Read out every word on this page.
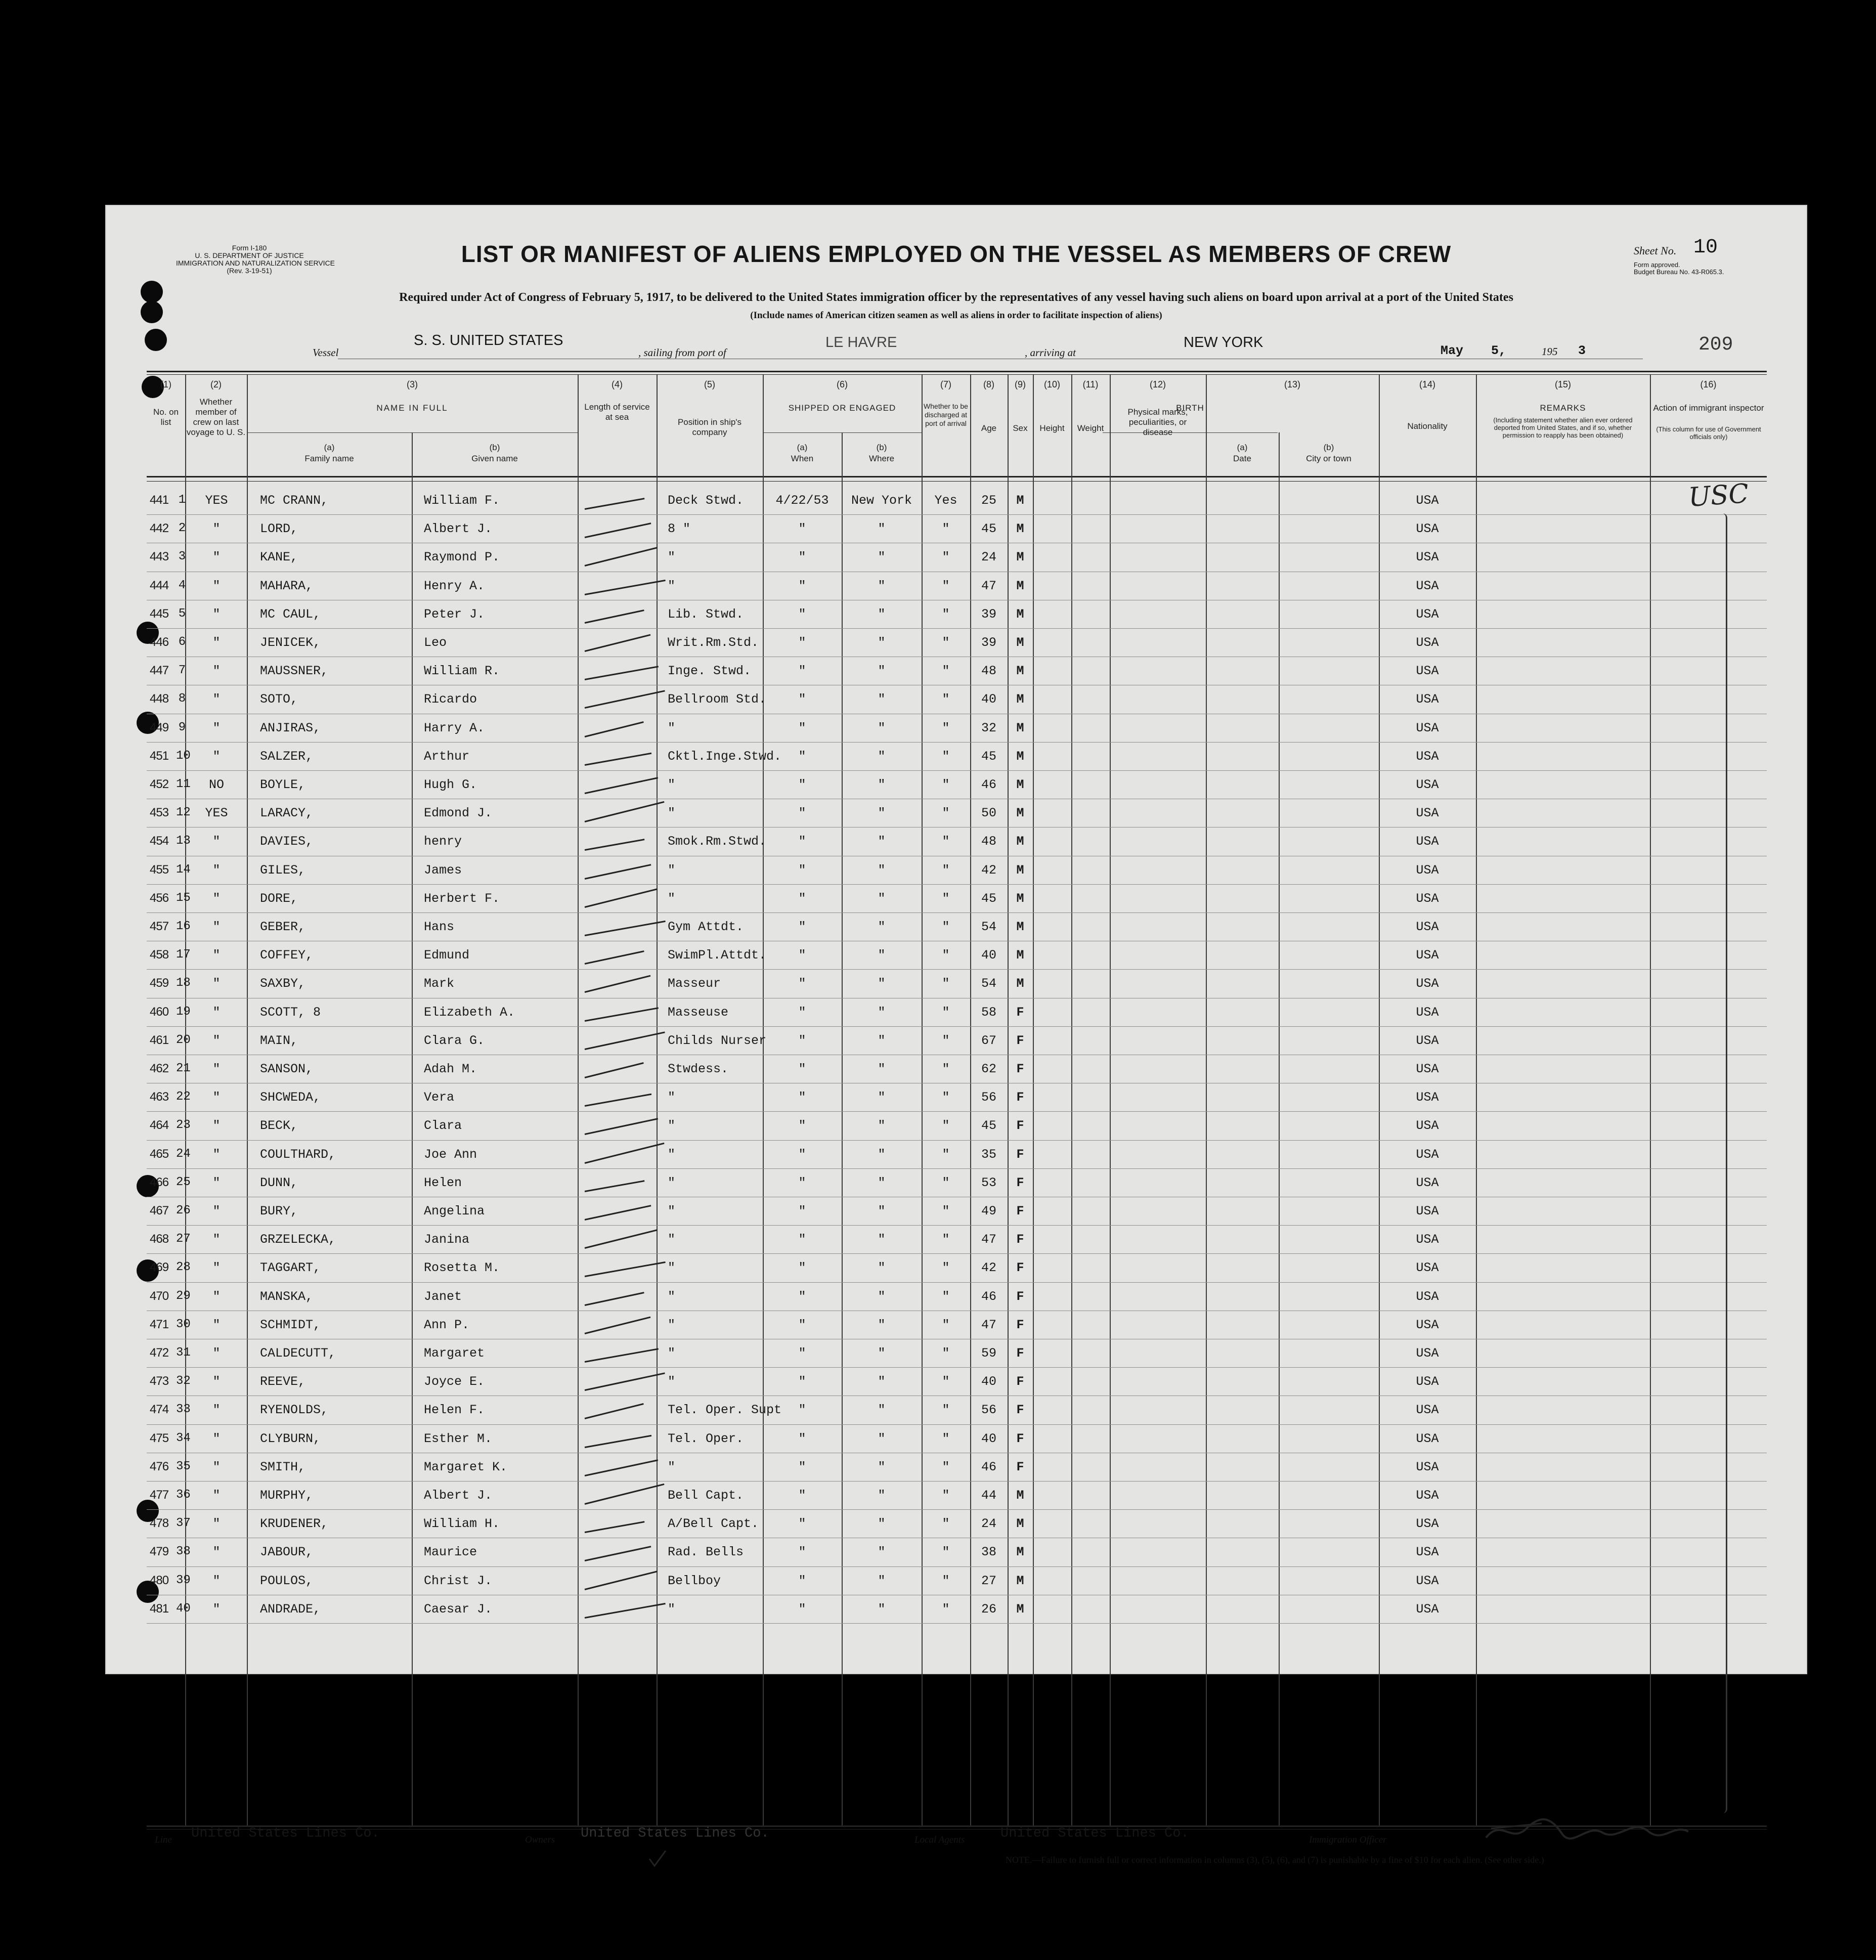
Form I-180
U. S. DEPARTMENT OF JUSTICE
IMMIGRATION AND NATURALIZATION SERVICE
(Rev. 3-19-51)
LIST OR MANIFEST OF ALIENS EMPLOYED ON THE VESSEL AS MEMBERS OF CREW
Required under Act of Congress of February 5, 1917, to be delivered to the United States immigration officer by the representatives of any vessel having such aliens on board upon arrival at a port of the United States
(Include names of American citizen seamen as well as aliens in order to facilitate inspection of aliens)
Sheet No. 10
Form approved.
Budget Bureau No. 43-R065.3.
209
Vessel
S. S. UNITED STATES
, sailing from port of
LE HAVRE
, arriving at
NEW YORK
May 5,	195 3
(1)	(2)	(3)	(4)	(5)	(6)	(7)	(8)	(9)	(10)	(11)	(12)	(13)	(14)	(15)	(16)
No. on list
Whether member of crew on last voyage to U. S.
NAME IN FULL
(a)
Family name
(b)
Given name
Length of service at sea
Position in ship's company
SHIPPED OR ENGAGED
(a)
When
(b)
Where
Whether to be discharged at port of arrival	Age	Sex	Height	Weight
Physical marks, peculiarities, or disease
BIRTH
(a)
Date
(b)
City or town
Nationality
REMARKS
(Including statement whether alien ever ordered deported from United States, and if so, whether permission to reapply has been obtained)
Action of immigrant inspector
(This column for use of Government officials only)
441 1	YES	MC CRANN,	William F.	Deck Stwd.	4/22/53	New York	Yes	25	M	USA
442 2	"	LORD,	Albert J.	8 "	"	"	"	45	M	USA
443 3	"	KANE,	Raymond P.	"	"	"	"	24	M	USA
444 4	"	MAHARA,	Henry A.	"	"	"	"	47	M	USA
445 5	"	MC CAUL,	Peter J.	Lib. Stwd.	"	"	"	39	M	USA
446 6	"	JENICEK,	Leo	Writ.Rm.Std.	"	"	"	39	M	USA
447 7	"	MAUSSNER,	William R.	Inge. Stwd.	"	"	"	48	M	USA
448 8	"	SOTO,	Ricardo	Bellroom Std.	"	"	"	40	M	USA
449 9	"	ANJIRAS,	Harry A.	"	"	"	"	32	M	USA
451 10	"	SALZER,	Arthur	Cktl.Inge.Stwd.	"	"	"	45	M	USA
452 11	NO	BOYLE,	Hugh G.	"	"	"	"	46	M	USA
453 12	YES	LARACY,	Edmond J.	"	"	"	"	50	M	USA
454 13	"	DAVIES,	henry	Smok.Rm.Stwd.	"	"	"	48	M	USA
455 14	"	GILES,	James	"	"	"	"	42	M	USA
456 15	"	DORE,	Herbert F.	"	"	"	"	45	M	USA
457 16	"	GEBER,	Hans	Gym Attdt.	"	"	"	54	M	USA
458 17	"	COFFEY,	Edmund	SwimPl.Attdt.	"	"	"	40	M	USA
459 18	"	SAXBY,	Mark	Masseur	"	"	"	54	M	USA
460 19	"	SCOTT, 8	Elizabeth A.	Masseuse	"	"	"	58	F	USA
461 20	"	MAIN,	Clara G.	Childs Nurser	"	"	"	67	F	USA
462 21	"	SANSON,	Adah M.	Stwdess.	"	"	"	62	F	USA
463 22	"	SHCWEDA,	Vera	"	"	"	"	56	F	USA
464 23	"	BECK,	Clara	"	"	"	"	45	F	USA
465 24	"	COULTHARD,	Joe Ann	"	"	"	"	35	F	USA
466 25	"	DUNN,	Helen	"	"	"	"	53	F	USA
467 26	"	BURY,	Angelina	"	"	"	"	49	F	USA
468 27	"	GRZELECKA,	Janina	"	"	"	"	47	F	USA
469 28	"	TAGGART,	Rosetta M.	"	"	"	"	42	F	USA
470 29	"	MANSKA,	Janet	"	"	"	"	46	F	USA
471 30	"	SCHMIDT,	Ann P.	"	"	"	"	47	F	USA
472 31	"	CALDECUTT,	Margaret	"	"	"	"	59	F	USA
473 32	"	REEVE,	Joyce E.	"	"	"	"	40	F	USA
474 33	"	RYENOLDS,	Helen F.	Tel. Oper. Supt	"	"	"	56	F	USA
475 34	"	CLYBURN,	Esther M.	Tel. Oper.	"	"	"	40	F	USA
476 35	"	SMITH,	Margaret K.	"	"	"	"	46	F	USA
477 36	"	MURPHY,	Albert J.	Bell Capt.	"	"	"	44	M	USA
478 37	"	KRUDENER,	William H.	A/Bell Capt.	"	"	"	24	M	USA
479 38	"	JABOUR,	Maurice	Rad. Bells	"	"	"	38	M	USA
480 39	"	POULOS,	Christ J.	Bellboy	"	"	"	27	M	USA
481 40	"	ANDRADE,	Caesar J.	"	"	"	"	26	M	USA
USC
Line United States Lines Co.	Owners United States Lines Co.	Local Agents	United States Lines Co.	Immigration Officer
NOTE.—Failure to furnish full or correct information in columns (3), (5), (6), and (7) is punishable by a fine of $10 for each alien. (See other side.)
